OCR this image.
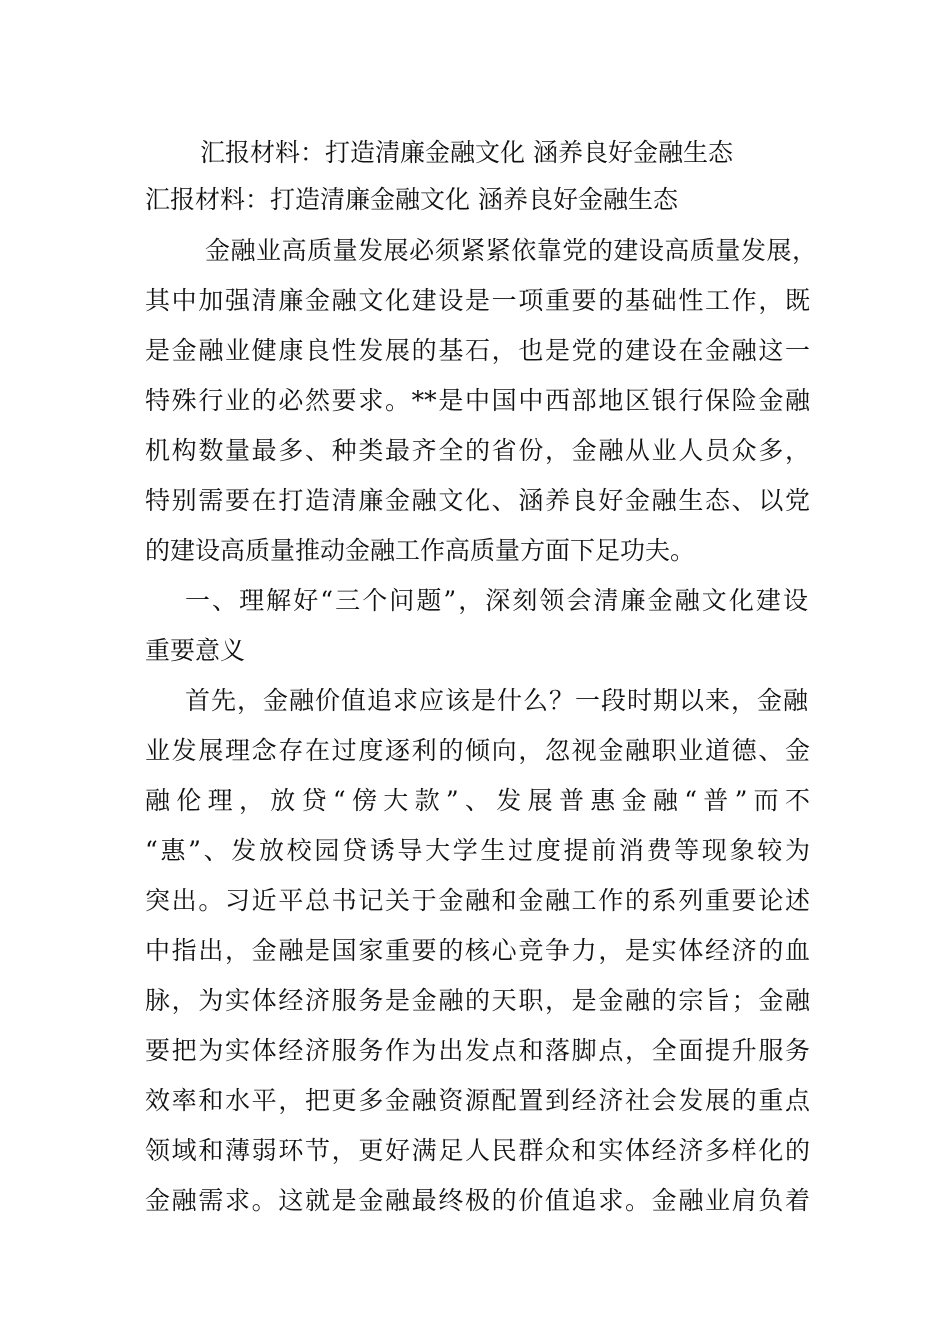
汇报材料：打造清廉金融文化 涵养良好金融生态
汇报材料：打造清廉金融文化 涵养良好金融生态
金融业高质量发展必须紧紧依靠党的建设高质量发展，
其中加强清廉金融文化建设是一项重要的基础性工作，既
是金融业健康良性发展的基石，也是党的建设在金融这一
特殊行业的必然要求。**是中国中西部地区银行保险金融
机构数量最多、种类最齐全的省份，金融从业人员众多，
特别需要在打造清廉金融文化、涵养良好金融生态、以党
的建设高质量推动金融工作高质量方面下足功夫。
一、理解好“三个问题”，深刻领会清廉金融文化建设
重要意义
首先，金融价值追求应该是什么？一段时期以来，金融
业发展理念存在过度逐利的倾向，忽视金融职业道德、金
融伦理，放贷“傍大款”、发展普惠金融“普”而不
“惠”、发放校园贷诱导大学生过度提前消费等现象较为
突出。习近平总书记关于金融和金融工作的系列重要论述
中指出，金融是国家重要的核心竞争力，是实体经济的血
脉，为实体经济服务是金融的天职，是金融的宗旨；金融
要把为实体经济服务作为出发点和落脚点，全面提升服务
效率和水平，把更多金融资源配置到经济社会发展的重点
领域和薄弱环节，更好满足人民群众和实体经济多样化的
金融需求。这就是金融最终极的价值追求。金融业肩负着
